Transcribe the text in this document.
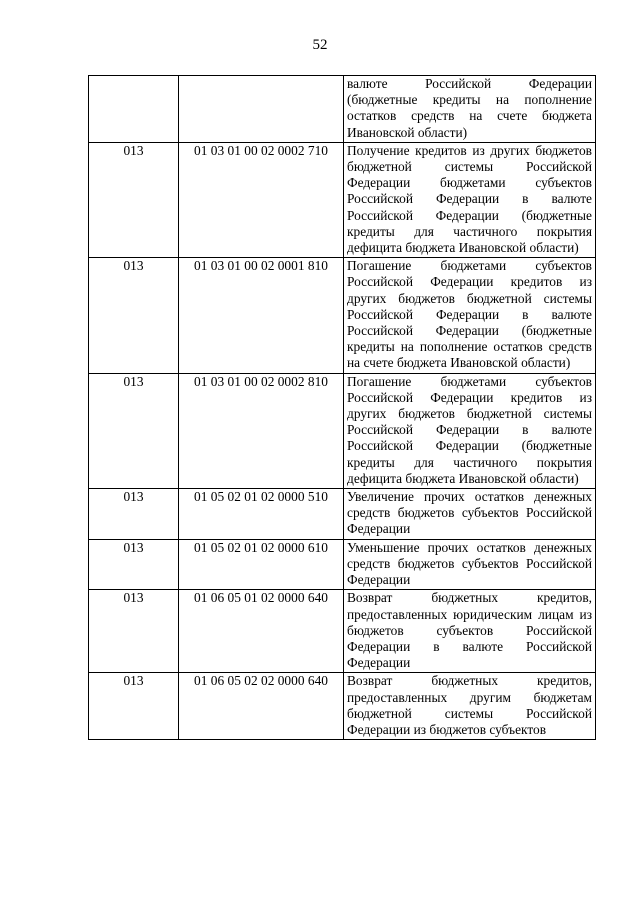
52
		валюте Российской Федерации (бюджетные кредиты на пополнение остатков средств на счете бюджета Ивановской области)
013	01 03 01 00 02 0002 710	Получение кредитов из других бюджетов бюджетной системы Российской Федерации бюджетами субъектов Российской Федерации в валюте Российской Федерации (бюджетные кредиты для частичного покрытия дефицита бюджета Ивановской области)
013	01 03 01 00 02 0001 810	Погашение бюджетами субъектов Российской Федерации кредитов из других бюджетов бюджетной системы Российской Федерации в валюте Российской Федерации (бюджетные кредиты на пополнение остатков средств на счете бюджета Ивановской области)
013	01 03 01 00 02 0002 810	Погашение бюджетами субъектов Российской Федерации кредитов из других бюджетов бюджетной системы Российской Федерации в валюте Российской Федерации (бюджетные кредиты для частичного покрытия дефицита бюджета Ивановской области)
013	01 05 02 01 02 0000 510	Увеличение прочих остатков денежных средств бюджетов субъектов Российской Федерации
013	01 05 02 01 02 0000 610	Уменьшение прочих остатков денежных средств бюджетов субъектов Российской Федерации
013	01 06 05 01 02 0000 640	Возврат бюджетных кредитов, предоставленных юридическим лицам из бюджетов субъектов Российской Федерации в валюте Российской Федерации
013	01 06 05 02 02 0000 640	Возврат бюджетных кредитов, предоставленных другим бюджетам бюджетной системы Российской Федерации из бюджетов субъектов
